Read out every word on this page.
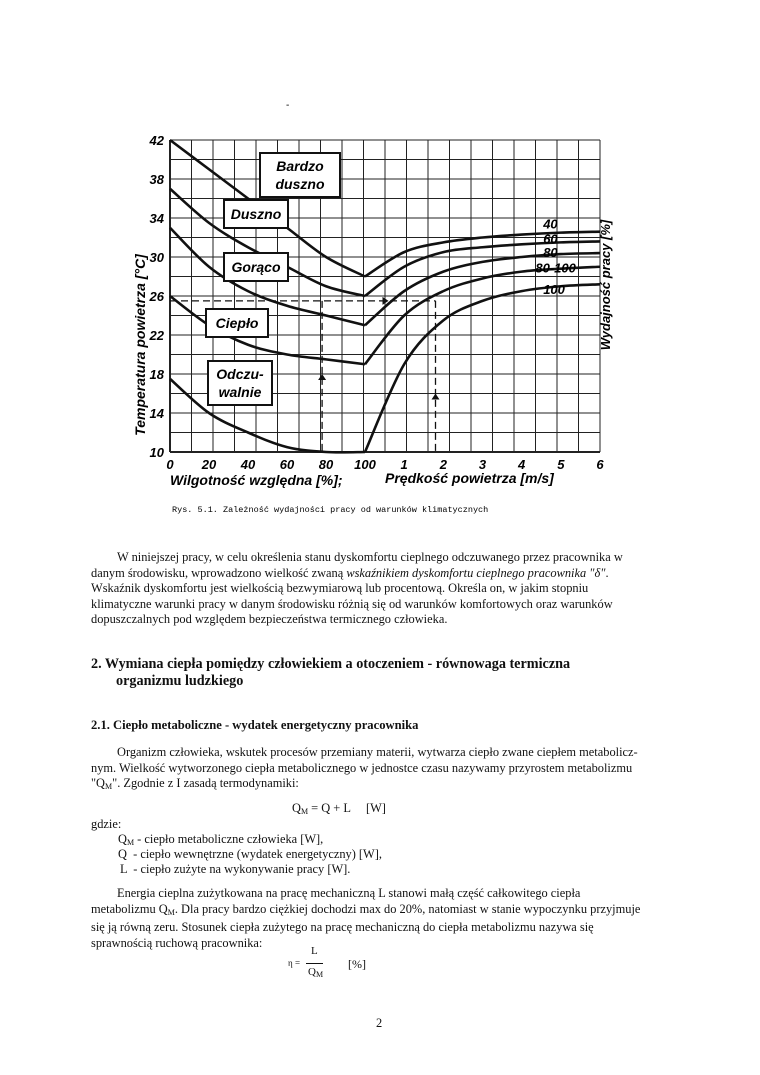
42
38
34
30
26
22
18
14
10
0 20 40 60 80 100 1 2 3 4 5 6
Bardzo
duszno
Duszno
Gorąco
Ciepło
Odczu-
walnie
40
60
80
80-100
100
Temperatura powietrza [°C]	Wydajność pracy [%]
Wilgotność względna [%];	Prędkość powietrza [m/s]
Rys. 5.1. Zależność wydajności pracy od warunków klimatycznych
-
W niniejszej pracy, w celu określenia stanu dyskomfortu cieplnego odczuwanego przez pracownika w
danym środowisku, wprowadzono wielkość zwaną wskaźnikiem dyskomfortu cieplnego pracownika "δ".
Wskaźnik dyskomfortu jest wielkością bezwymiarową lub procentową. Określa on, w jakim stopniu
klimatyczne warunki pracy w danym środowisku różnią się od warunków komfortowych oraz warunków
dopuszczalnych pod względem bezpieczeństwa termicznego człowieka.
2. Wymiana ciepła pomiędzy człowiekiem a otoczeniem - równowaga termiczna
organizmu ludzkiego
2.1. Ciepło metaboliczne - wydatek energetyczny pracownika
Organizm człowieka, wskutek procesów przemiany materii, wytwarza ciepło zwane ciepłem metabolicz-
nym. Wielkość wytworzonego ciepła metabolicznego w jednostce czasu nazywamy przyrostem metabolizmu
"$Q_M$". Zgodnie z I zasadą termodynamiki:
$Q_M = Q + L$     [W]
gdzie:
$Q_M$ - ciepło metaboliczne człowieka [W],
Q  - ciepło wewnętrzne (wydatek energetyczny) [W],
L  - ciepło zużyte na wykonywanie pracy [W].
Energia cieplna zużytkowana na pracę mechaniczną L stanowi małą część całkowitego ciepła
metabolizmu $Q_M$. Dla pracy bardzo ciężkiej dochodzi max do 20%, natomiast w stanie wypoczynku przyjmuje
się ją równą zeru. Stosunek ciepła zużytego na pracę mechaniczną do ciepła metabolizmu nazywa się
sprawnością ruchową pracownika:
η =
L
$Q_M$
[%]
2
